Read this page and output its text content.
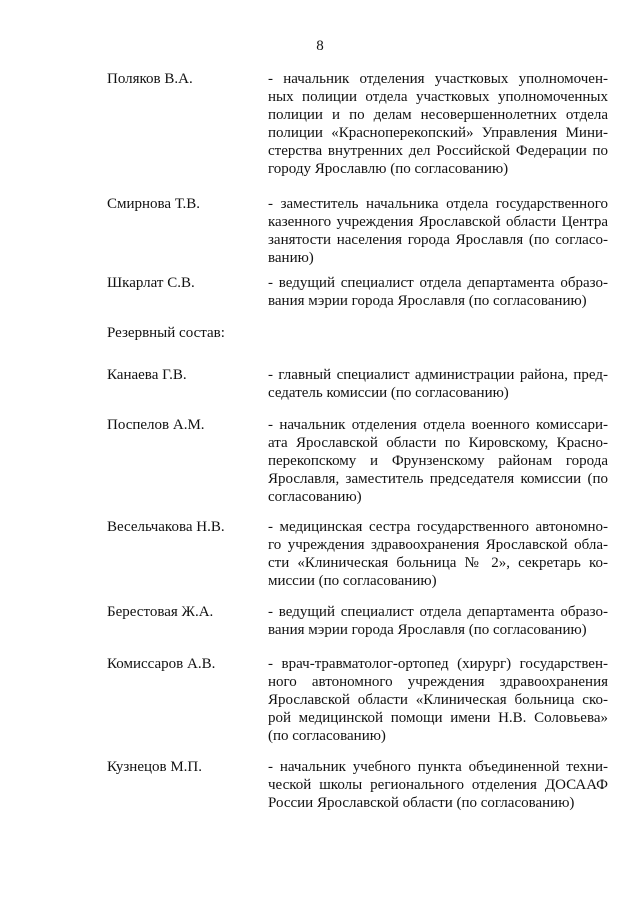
8
Поляков В.А.	- начальник отделения участковых уполномочен-
ных полиции отдела участковых уполномоченных
полиции и по делам несовершеннолетних отдела
полиции «Красноперекопский» Управления Мини-
стерства внутренних дел Российской Федерации по
городу Ярославлю (по согласованию)
Смирнова Т.В.	- заместитель начальника отдела государственного
казенного учреждения Ярославской области Центра
занятости населения города Ярославля (по согласо-
ванию)
Шкарлат С.В.	- ведущий специалист отдела департамента образо-
вания мэрии города Ярославля (по согласованию)
Резервный состав:
Канаева Г.В.	- главный специалист администрации района, пред-
седатель комиссии (по согласованию)
Поспелов А.М.	- начальник отделения отдела военного комиссари-
ата Ярославской области по Кировскому, Красно-
перекопскому и Фрунзенскому районам города
Ярославля, заместитель председателя комиссии (по
согласованию)
Весельчакова Н.В.	- медицинская сестра государственного автономно-
го учреждения здравоохранения Ярославской обла-
сти «Клиническая больница № 2», секретарь ко-
миссии (по согласованию)
Берестовая Ж.А.	- ведущий специалист отдела департамента образо-
вания мэрии города Ярославля (по согласованию)
Комиссаров А.В.	- врач-травматолог-ортопед (хирург) государствен-
ного автономного учреждения здравоохранения
Ярославской области «Клиническая больница ско-
рой медицинской помощи имени Н.В. Соловьева»
(по согласованию)
Кузнецов М.П.	- начальник учебного пункта объединенной техни-
ческой школы регионального отделения ДОСААФ
России Ярославской области (по согласованию)
